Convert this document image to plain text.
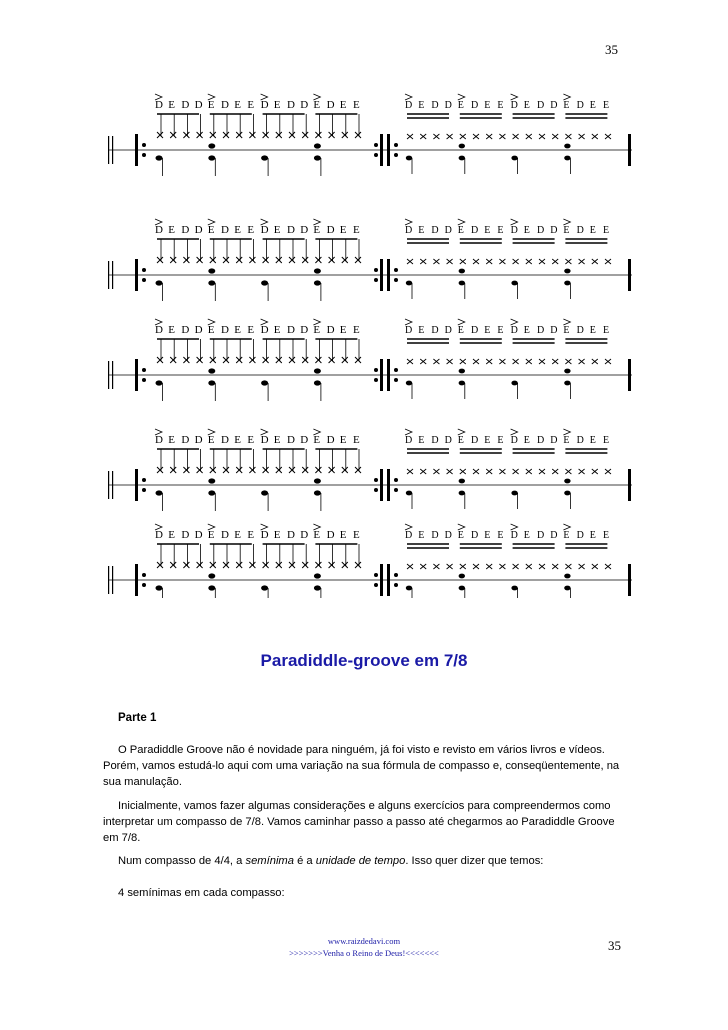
35
D E D D E D E E D E D D E D E E	D E D D E D E E D E D D E D E E
D E D D E D E E D E D D E D E E	D E D D E D E E D E D D E D E E
D E D D E D E E D E D D E D E E	D E D D E D E E D E D D E D E E
D E D D E D E E D E D D E D E E	D E D D E D E E D E D D E D E E
D E D D E D E E D E D D E D E E	D E D D E D E E D E D D E D E E
Paradiddle-groove em 7/8
Parte 1

O Paradiddle Groove não é novidade para ninguém, já foi visto e revisto em vários livros e vídeos. Porém, vamos estudá-lo aqui com uma variação na sua fórmula de compasso e, conseqüentemente, na sua manulação.

Inicialmente, vamos fazer algumas considerações e alguns exercícios para compreendermos como interpretar um compasso de 7/8. Vamos caminhar passo a passo até chegarmos ao Paradiddle Groove em 7/8.

Num compasso de 4/4, a semínima é a unidade de tempo. Isso quer dizer que temos:

4 semínimas em cada compasso:

www.raizdedavi.com
>>>>>>>Venha o Reino de Deus!<<<<<<<	35
